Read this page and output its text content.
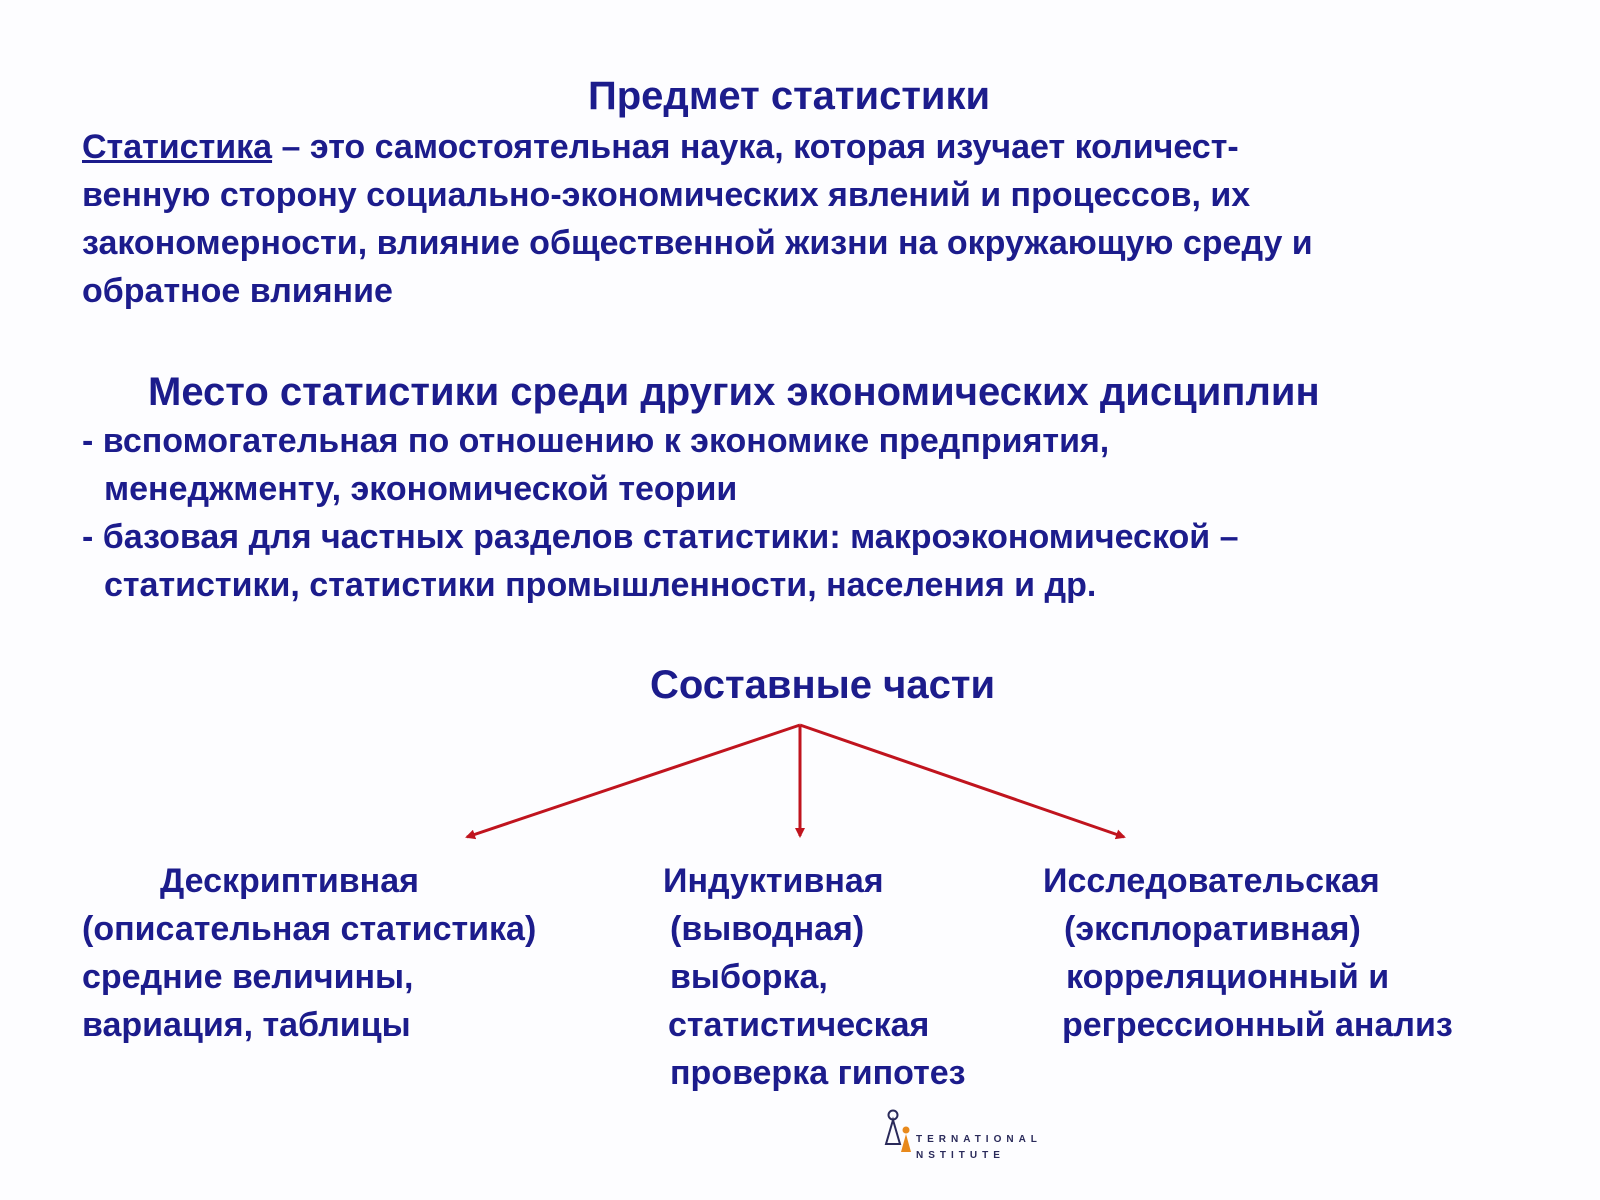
Предмет статистики
Статистика – это самостоятельная наука, которая изучает количест-
венную сторону социально-экономических явлений и процессов, их
закономерности, влияние общественной жизни на окружающую среду и
обратное влияние
Место статистики среди других экономических дисциплин
- вспомогательная по отношению к экономике предприятия,
менеджменту, экономической теории
- базовая для частных разделов статистики: макроэкономической –
статистики, статистики промышленности, населения и др.
Составные части
Дескриптивная
(описательная статистика)
средние величины,
вариация, таблицы
Индуктивная
(выводная)
выборка,
статистическая
проверка гипотез
Исследовательская
(эксплоративная)
корреляционный и
регрессионный анализ
TERNATIONAL
NSTITUTE
